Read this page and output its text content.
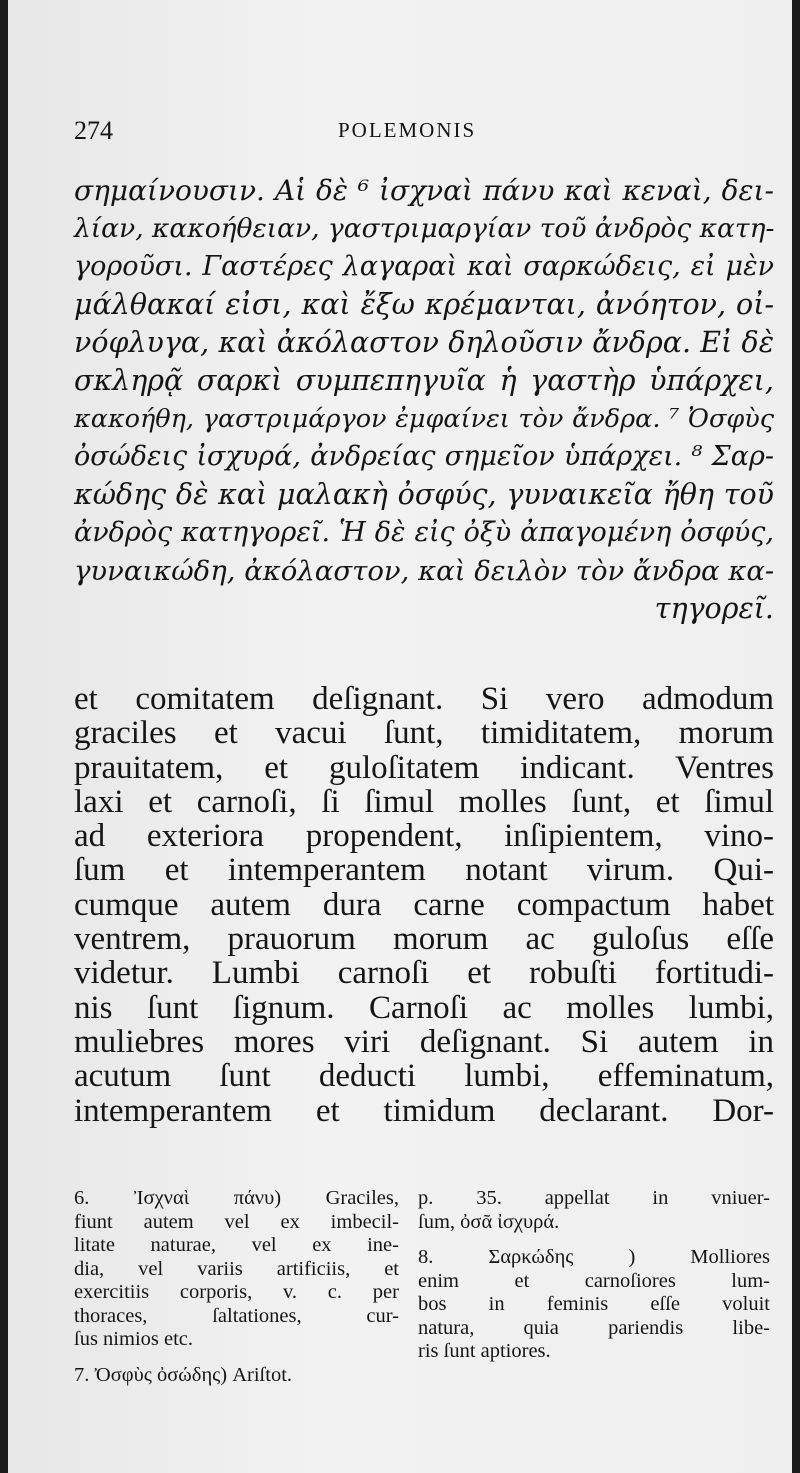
274	POLEMONIS
σημαίνουσιν. Αἱ δὲ ⁶ ἰσχναὶ πάνυ καὶ κεναὶ, δει-
λίαν, κακοήθειαν, γαστριμαργίαν τοῦ ἀνδρὸς κατη-
γοροῦσι. Γαστέρες λαγαραὶ καὶ σαρκώδεις, εἰ μὲν
μάλθακαί εἰσι, καὶ ἔξω κρέμανται, ἀνόητον, οἰ-
νόφλυγα, καὶ ἀκόλαστον δηλοῦσιν ἄνδρα. Εἰ δὲ
σκληρᾷ σαρκὶ συμπεπηγυῖα ἡ γαστὴρ ὑπάρχει,
κακοήθη, γαστριμάργον ἐμφαίνει τὸν ἄνδρα. ⁷ Ὀσφὺς
ὀσώδεις ἰσχυρά, ἀνδρείας σημεῖον ὑπάρχει. ⁸ Σαρ-
κώδης δὲ καὶ μαλακὴ ὀσφύς, γυναικεῖα ἤθη τοῦ
ἀνδρὸς κατηγορεῖ. Ἡ δὲ εἰς ὀξὺ ἀπαγομένη ὀσφύς,
γυναικώδη, ἀκόλαστον, καὶ δειλὸν τὸν ἄνδρα κα-
τηγορεῖ.
et comitatem deſignant. Si vero admodum
graciles et vacui ſunt, timiditatem, morum
prauitatem, et guloſitatem indicant. Ventres
laxi et carnoſi, ſi ſimul molles ſunt, et ſimul
ad exteriora propendent, inſipientem, vino-
ſum et intemperantem notant virum. Qui-
cumque autem dura carne compactum habet
ventrem, prauorum morum ac guloſus eſſe
videtur. Lumbi carnoſi et robuſti fortitudi-
nis ſunt ſignum. Carnoſi ac molles lumbi,
muliebres mores viri deſignant. Si autem in
acutum ſunt deducti lumbi, effeminatum,
intemperantem et timidum declarant. Dor-
6. Ἰσχναὶ πάνυ) Graciles,
fiunt autem vel ex imbecil-
litate naturae, vel ex ine-
dia, vel variis artificiis, et
exercitiis corporis, v. c. per
thoraces, ſaltationes, cur-
ſus nimios etc.
7. Ὀσφὺς ὀσώδης) Ariſtot.
p. 35. appellat in vniuer-
ſum, ὀσᾶ ἰσχυρά.
8. Σαρκώδης ) Molliores
enim et carnoſiores lum-
bos in feminis eſſe voluit
natura, quia pariendis libe-
ris ſunt aptiores.
